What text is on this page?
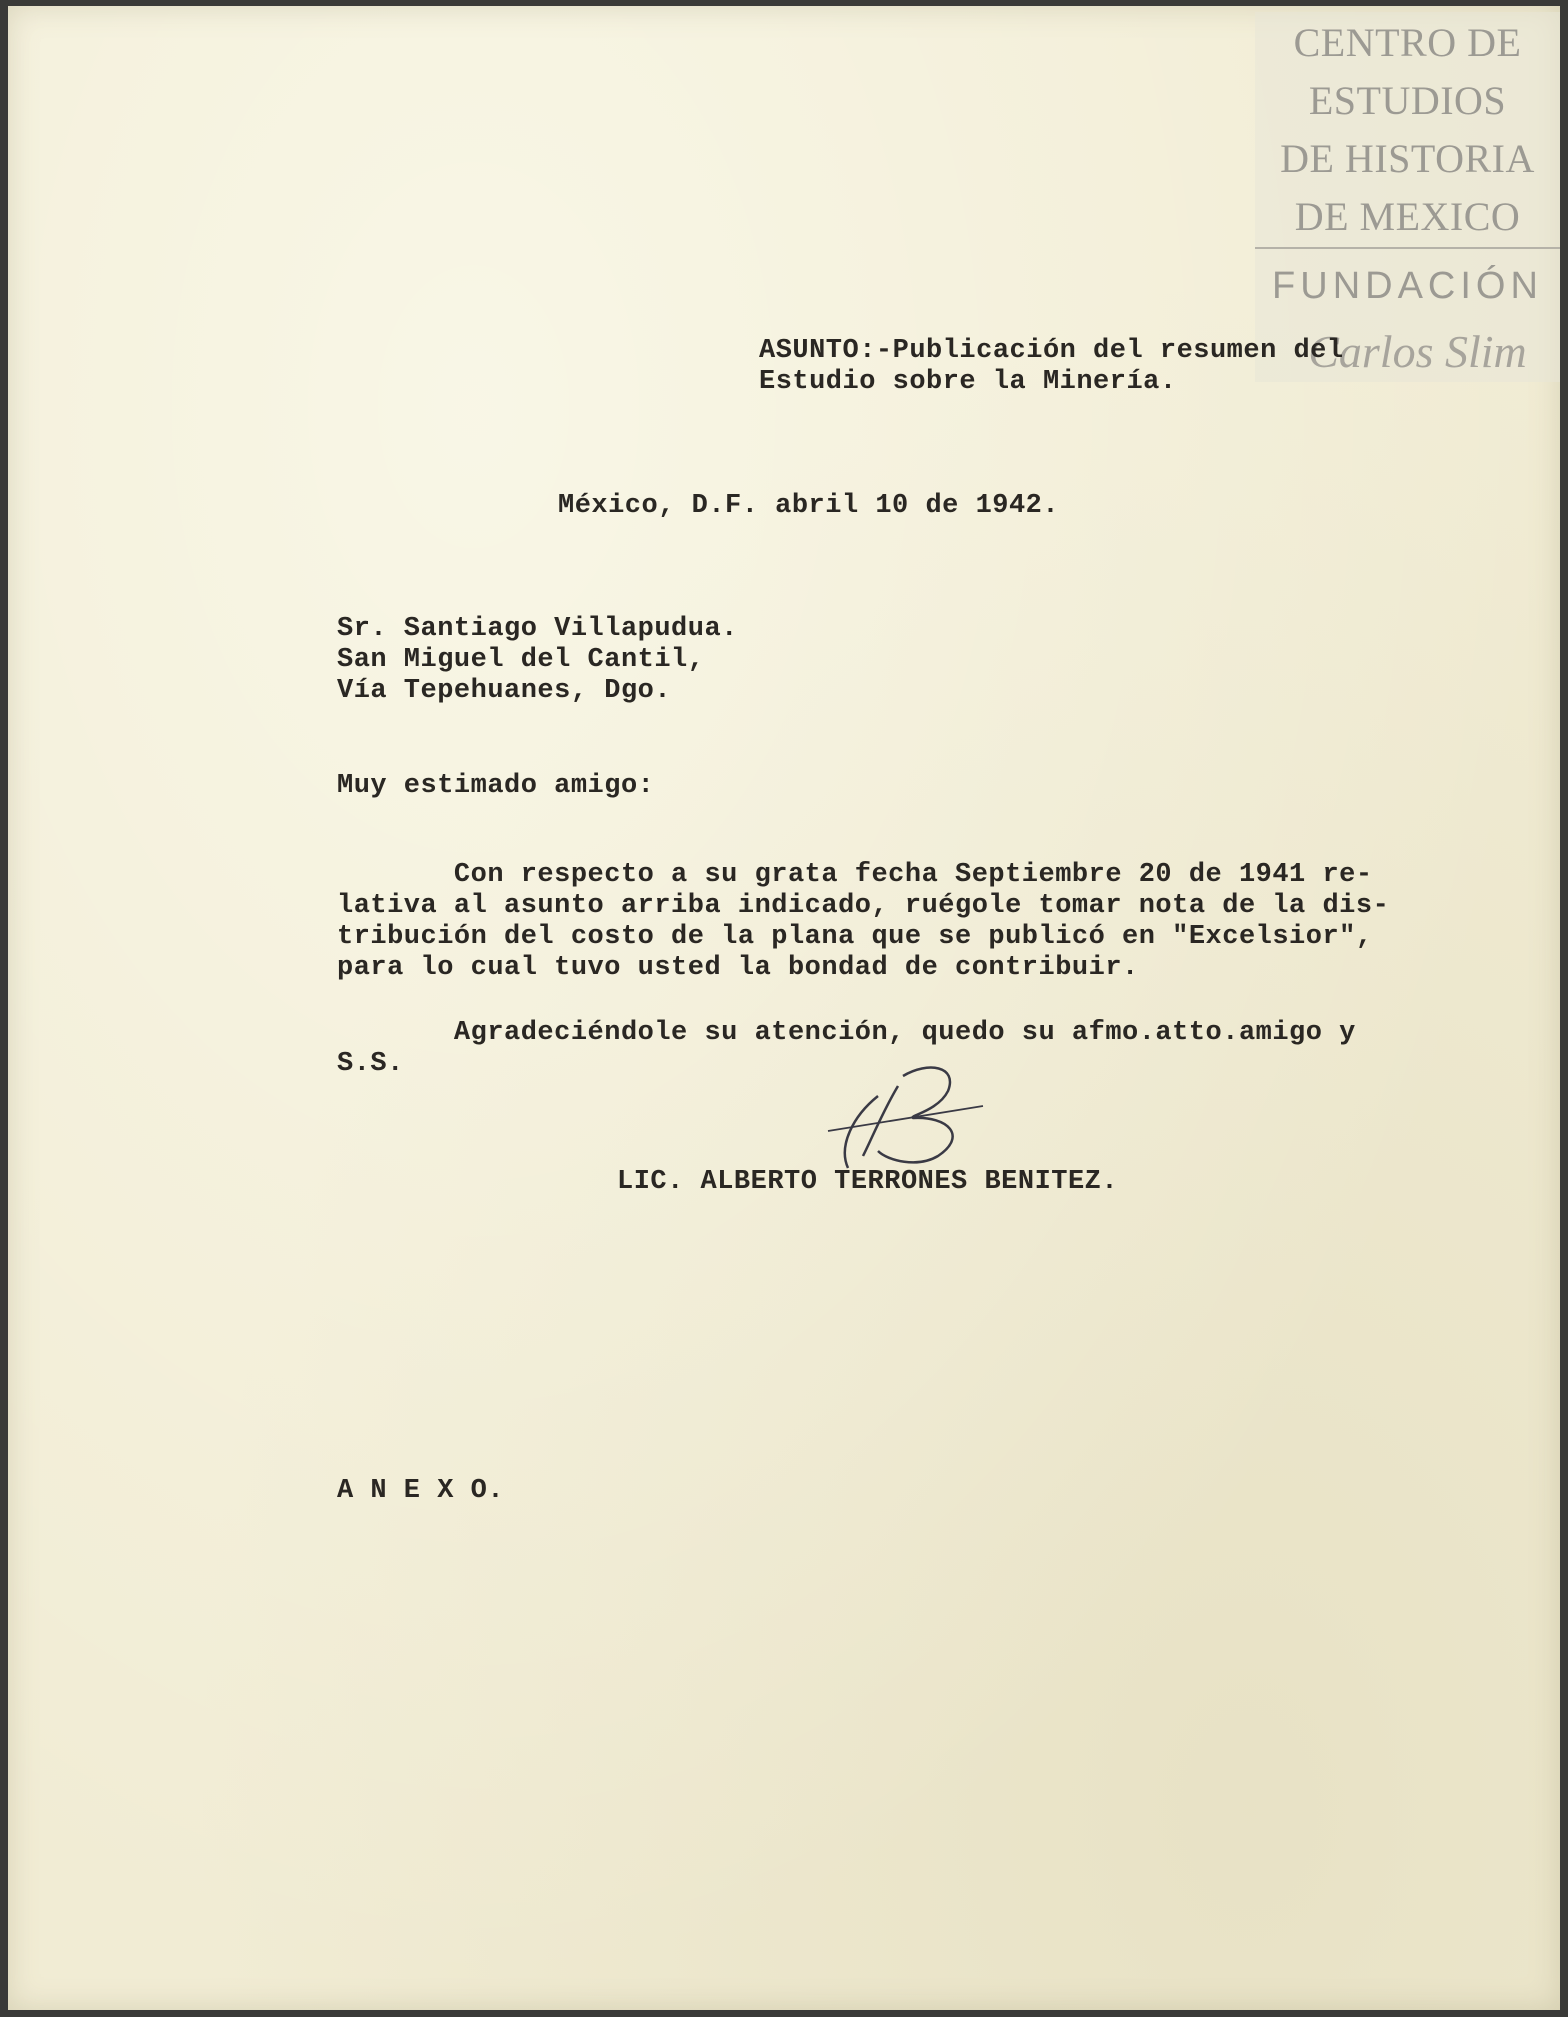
CENTRO DE
ESTUDIOS
DE HISTORIA
DE MEXICO
FUNDACIÓN
Carlos Slim
ASUNTO:-Publicación del resumen del
Estudio sobre la Minería.
México, D.F. abril 10 de 1942.
Sr. Santiago Villapudua.
San Miguel del Cantil,
Vía Tepehuanes, Dgo.
Muy estimado amigo:
Con respecto a su grata fecha Septiembre 20 de 1941 re-
lativa al asunto arriba indicado, ruégole tomar nota de la dis-
tribución del costo de la plana que se publicó en "Excelsior",
para lo cual tuvo usted la bondad de contribuir.
Agradeciéndole su atención, quedo su afmo.atto.amigo y
S.S.
LIC. ALBERTO TERRONES BENITEZ.
A N E X O.
